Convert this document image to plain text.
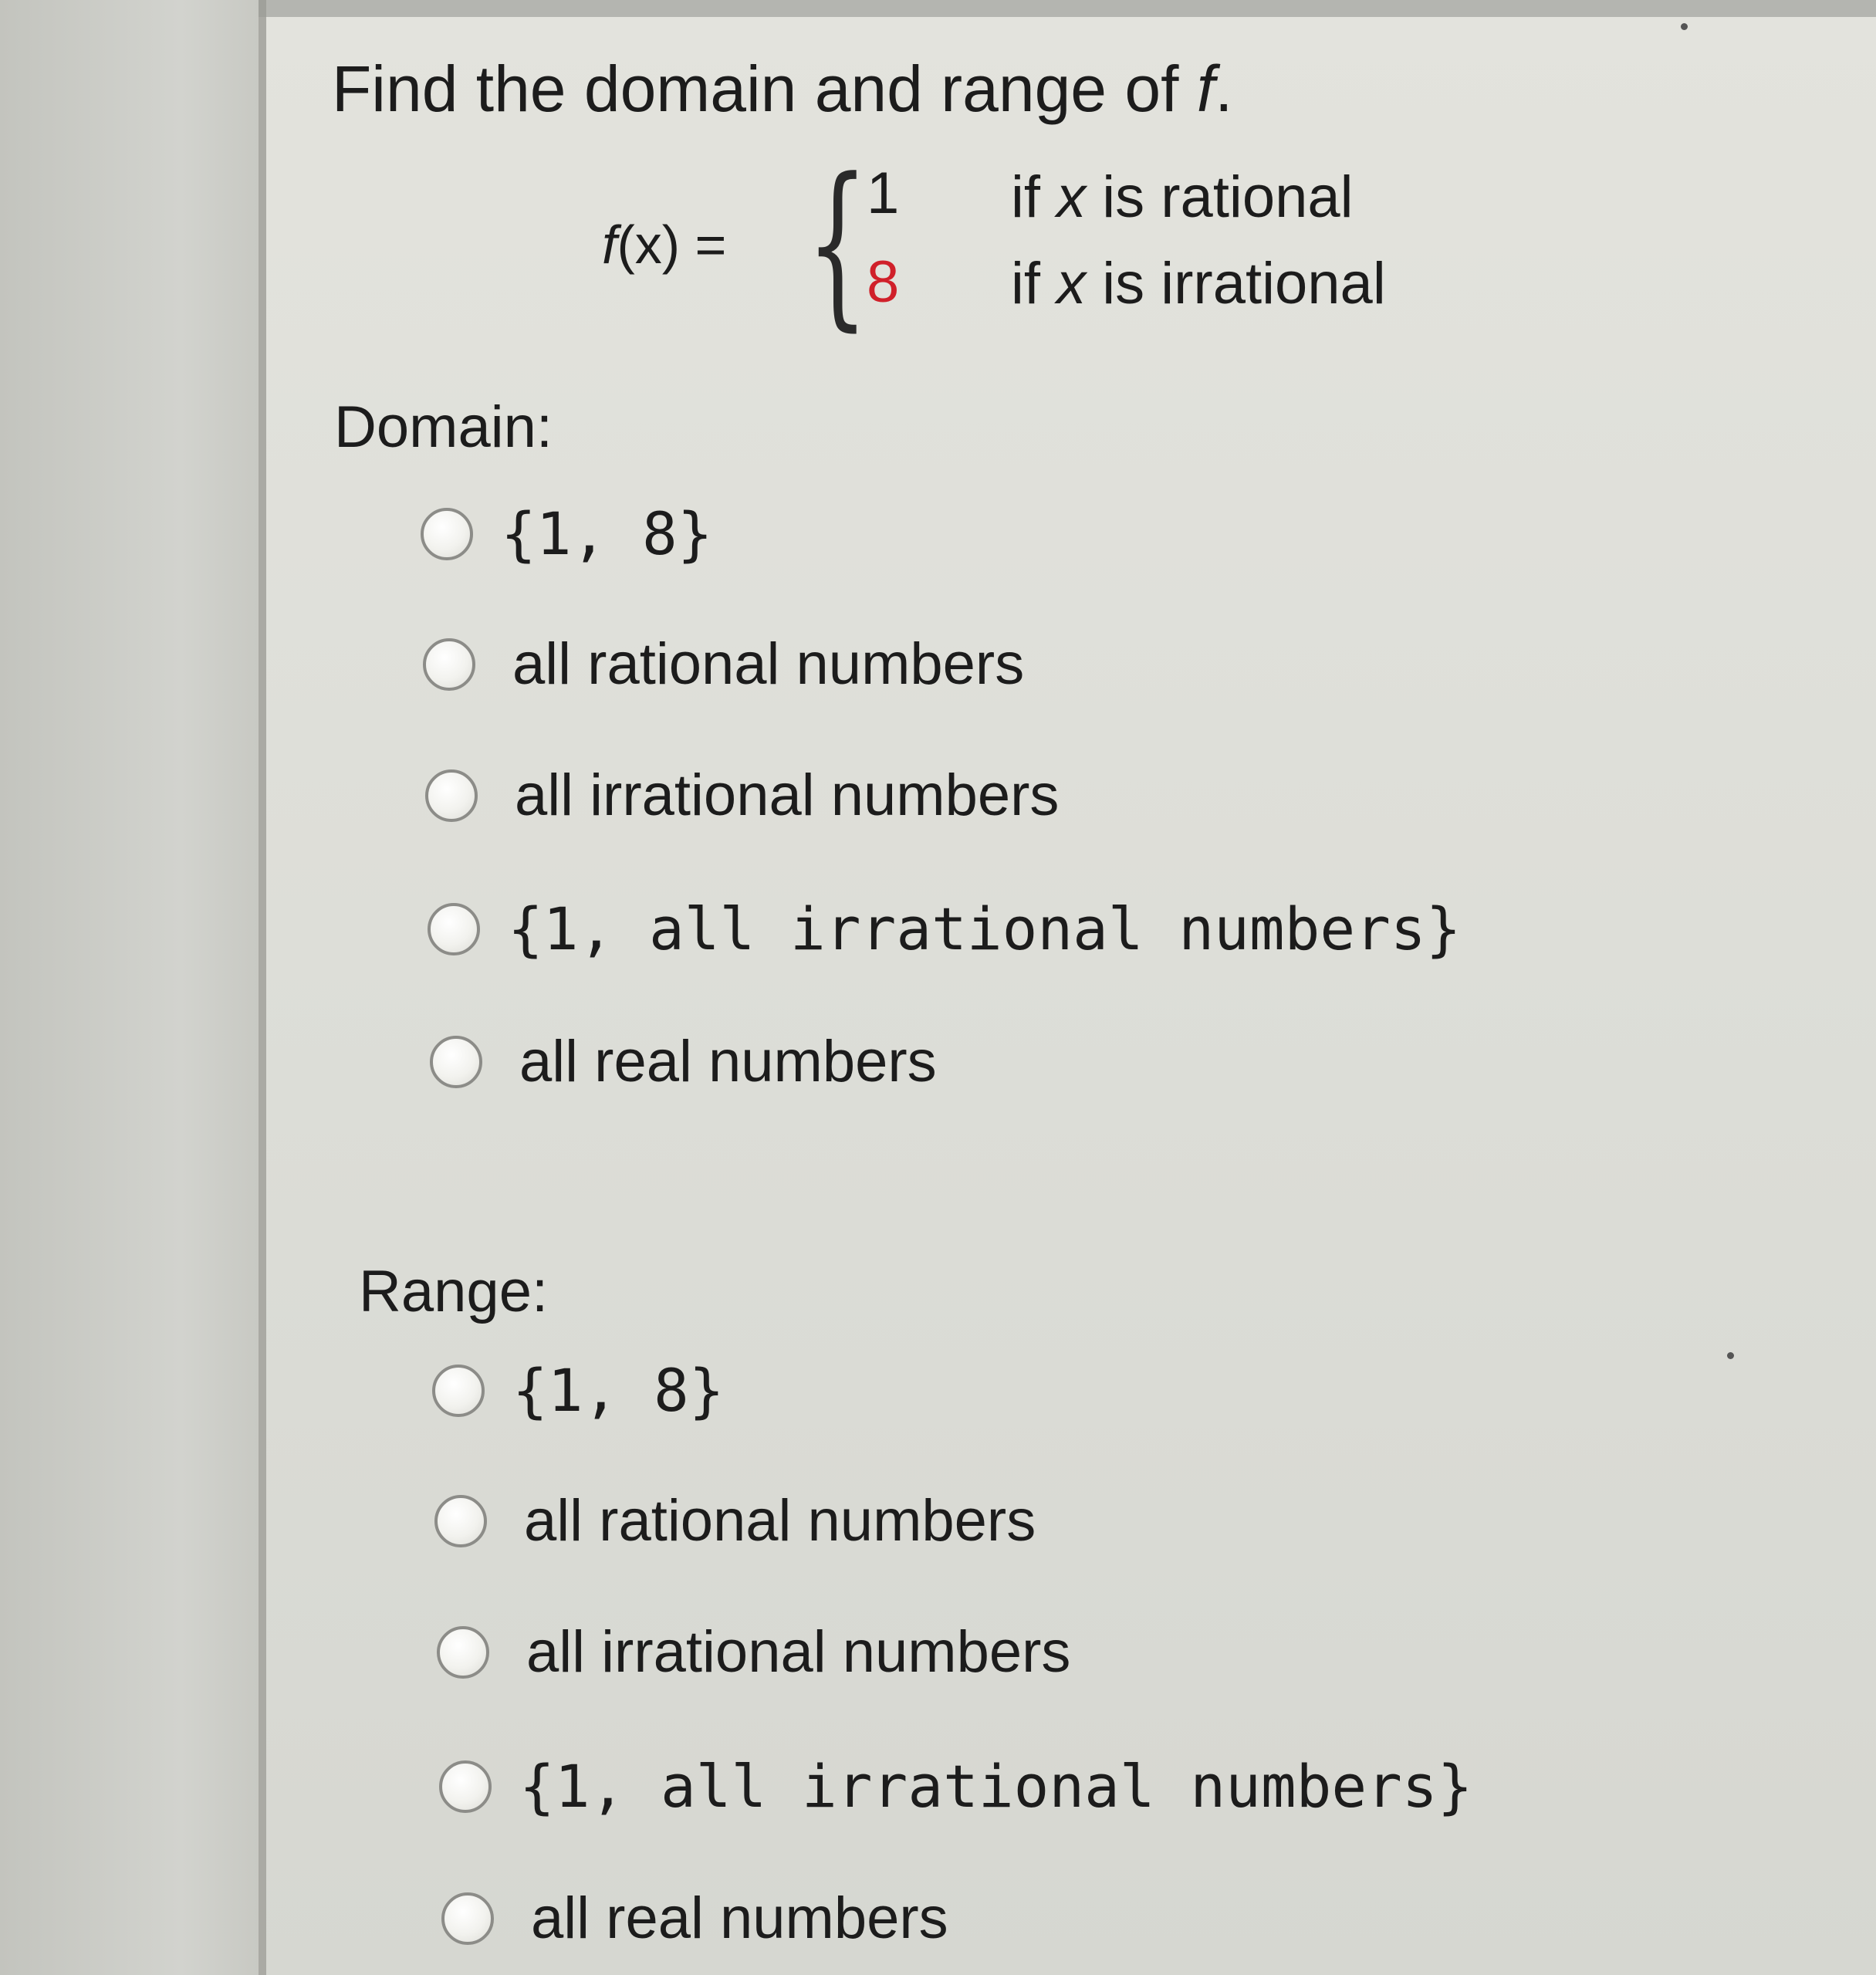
Find the domain and range of f.
f(x) = {
1
8
if x is rational
if x is irrational
Domain:
{1, 8}
all rational numbers
all irrational numbers
{1, all irrational numbers}
all real numbers
Range:
{1, 8}
all rational numbers
all irrational numbers
{1, all irrational numbers}
all real numbers
